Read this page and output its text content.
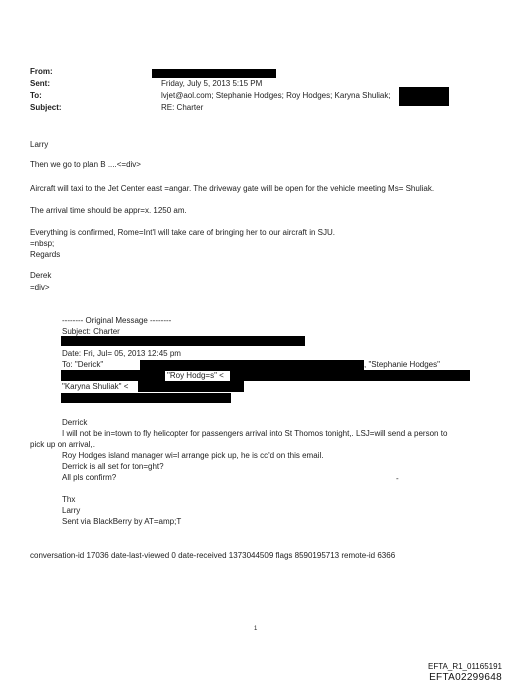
From:
Sent:
To:
Subject:
Friday, July 5, 2013 5:15 PM
lvjet@aol.com; Stephanie Hodges; Roy Hodges; Karyna Shuliak;
RE: Charter
Larry
Then we go to plan B ....<=div>
Aircraft will taxi to the Jet Center east =angar. The driveway gate will be open for the vehicle meeting Ms= Shuliak.
The arrival time should be appr=x. 1250 am.
Everything is confirmed, Rome=Int'l will take care of bringing her to our aircraft in SJU.
=nbsp;
Regards
Derek
=div>
-------- Original Message --------
Subject: Charter
Date: Fri, Jul= 05, 2013 12:45 pm
To: "Derick"	, "Stephanie Hodges"
"Roy Hodg=s" <
"Karyna Shuliak" <
Derrick
I will not be in=town to fly helicopter for passengers arrival into St Thomos tonight,. LSJ=will send a person to
pick up on arrival,.
Roy Hodges island manager wi=l arrange pick up, he is cc'd on this email.
Derrick is all set for ton=ght?
All pls confirm?	-
Thx
Larry
Sent via BlackBerry by AT=amp;T
conversation-id 17036 date-last-viewed 0 date-received 1373044509 flags 8590195713 remote-id 6366
1
EFTA_R1_01165191
EFTA02299648
